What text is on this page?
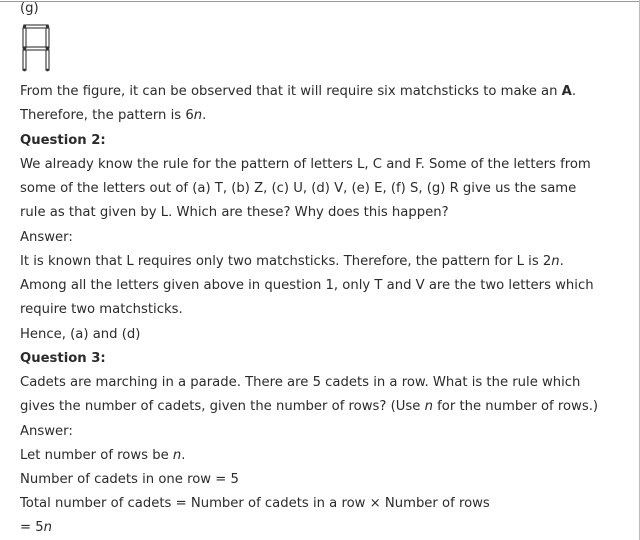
(g)
From the figure, it can be observed that it will require six matchsticks to make an A.
Therefore, the pattern is 6n.
Question 2:
We already know the rule for the pattern of letters L, C and F. Some of the letters from
some of the letters out of (a) T, (b) Z, (c) U, (d) V, (e) E, (f) S, (g) R give us the same
rule as that given by L. Which are these? Why does this happen?
Answer:
It is known that L requires only two matchsticks. Therefore, the pattern for L is 2n.
Among all the letters given above in question 1, only T and V are the two letters which
require two matchsticks.
Hence, (a) and (d)
Question 3:
Cadets are marching in a parade. There are 5 cadets in a row. What is the rule which
gives the number of cadets, given the number of rows? (Use n for the number of rows.)
Answer:
Let number of rows be n.
Number of cadets in one row = 5
Total number of cadets = Number of cadets in a row × Number of rows
= 5n
